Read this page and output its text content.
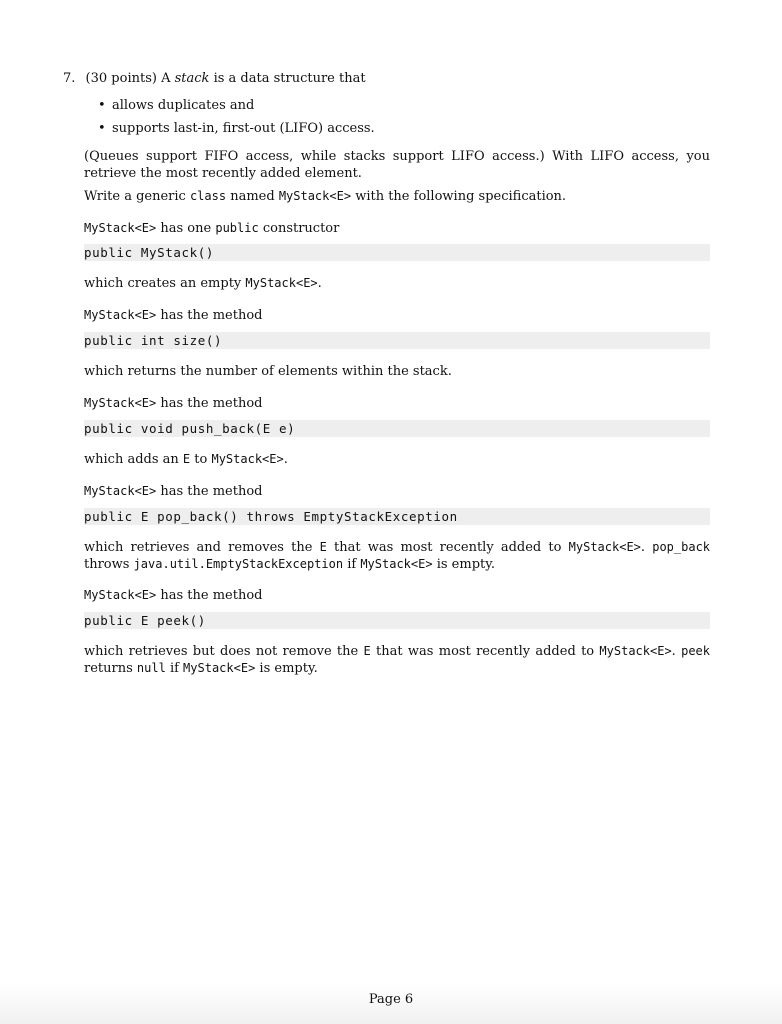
7. (30 points) A stack is a data structure that
• allows duplicates and
• supports last-in, first-out (LIFO) access.
(Queues support FIFO access, while stacks support LIFO access.) With LIFO access, you retrieve the most recently added element.
Write a generic class named MyStack<E> with the following specification.
MyStack<E> has one public constructor
public MyStack()
which creates an empty MyStack<E>.
MyStack<E> has the method
public int size()
which returns the number of elements within the stack.
MyStack<E> has the method
public void push_back(E e)
which adds an E to MyStack<E>.
MyStack<E> has the method
public E pop_back() throws EmptyStackException
which retrieves and removes the E that was most recently added to MyStack<E>. pop_back throws java.util.EmptyStackException if MyStack<E> is empty.
MyStack<E> has the method
public E peek()
which retrieves but does not remove the E that was most recently added to MyStack<E>. peek returns null if MyStack<E> is empty.
Page 6
